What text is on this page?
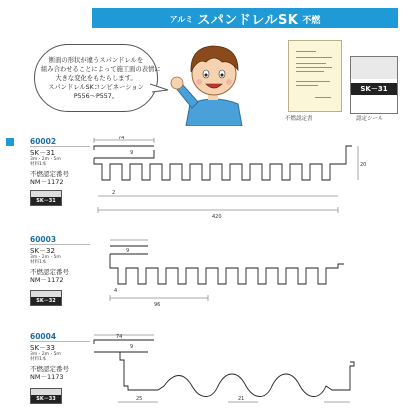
アルミ スパンドレルSK 不燃
断面の形状が違うスパンドレルを
組み合わせることによって施工面の表情に
大きな変化をもたらします。
スパンドレルSKコンビネーション
P556～P557。
不燃認定書
SK－31
認定シール
60002
SK－31
3m・2m・5m
材料1本
不燃認定番号
NM－1172
SK－31
74
9
2
420
20
60003
SK－32
3m・2m・5m
材料1本
不燃認定番号
NM－1172
SK－32
9
4
96
60004
SK－33
3m・2m・5m
材料1本
不燃認定番号
NM－1173
SK－33
74
9
25	21
